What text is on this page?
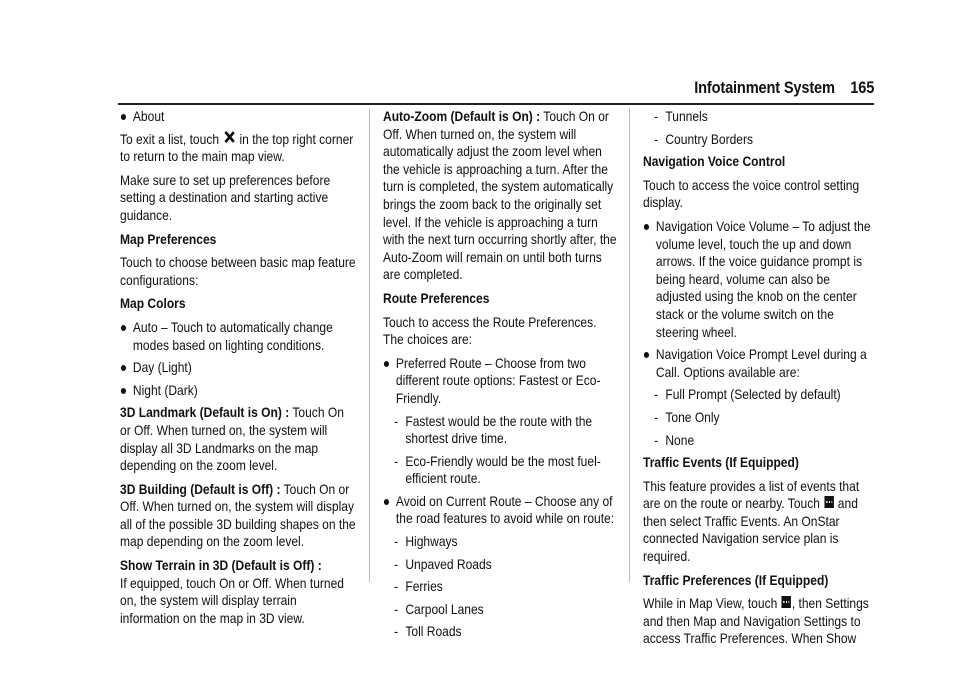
Infotainment System 165
About
To exit a list, touch in the top right corner to return to the main map view.
Make sure to set up preferences before setting a destination and starting active guidance.
Map Preferences
Touch to choose between basic map feature configurations:
Map Colors
Auto – Touch to automatically change modes based on lighting conditions.
Day (Light)
Night (Dark)
3D Landmark (Default is On) : Touch On or Off. When turned on, the system will display all 3D Landmarks on the map depending on the zoom level.
3D Building (Default is Off) : Touch On or Off. When turned on, the system will display all of the possible 3D building shapes on the map depending on the zoom level.
Show Terrain in 3D (Default is Off) :
If equipped, touch On or Off. When turned on, the system will display terrain information on the map in 3D view.
Auto-Zoom (Default is On) : Touch On or Off. When turned on, the system will automatically adjust the zoom level when the vehicle is approaching a turn. After the turn is completed, the system automatically brings the zoom back to the originally set level. If the vehicle is approaching a turn with the next turn occurring shortly after, the Auto-Zoom will remain on until both turns are completed.
Route Preferences
Touch to access the Route Preferences. The choices are:
Preferred Route – Choose from two different route options: Fastest or Eco-Friendly.
- Fastest would be the route with the shortest drive time.
- Eco-Friendly would be the most fuel-efficient route.
Avoid on Current Route – Choose any of the road features to avoid while on route:
- Highways
- Unpaved Roads
- Ferries
- Carpool Lanes
- Toll Roads
- Tunnels
- Country Borders
Navigation Voice Control
Touch to access the voice control setting display.
Navigation Voice Volume – To adjust the volume level, touch the up and down arrows. If the voice guidance prompt is being heard, volume can also be adjusted using the knob on the center stack or the volume switch on the steering wheel.
Navigation Voice Prompt Level during a Call. Options available are:
- Full Prompt (Selected by default)
- Tone Only
- None
Traffic Events (If Equipped)
This feature provides a list of events that are on the route or nearby. Touch and then select Traffic Events. An OnStar connected Navigation service plan is required.
Traffic Preferences (If Equipped)
While in Map View, touch , then Settings and then Map and Navigation Settings to access Traffic Preferences. When Show
